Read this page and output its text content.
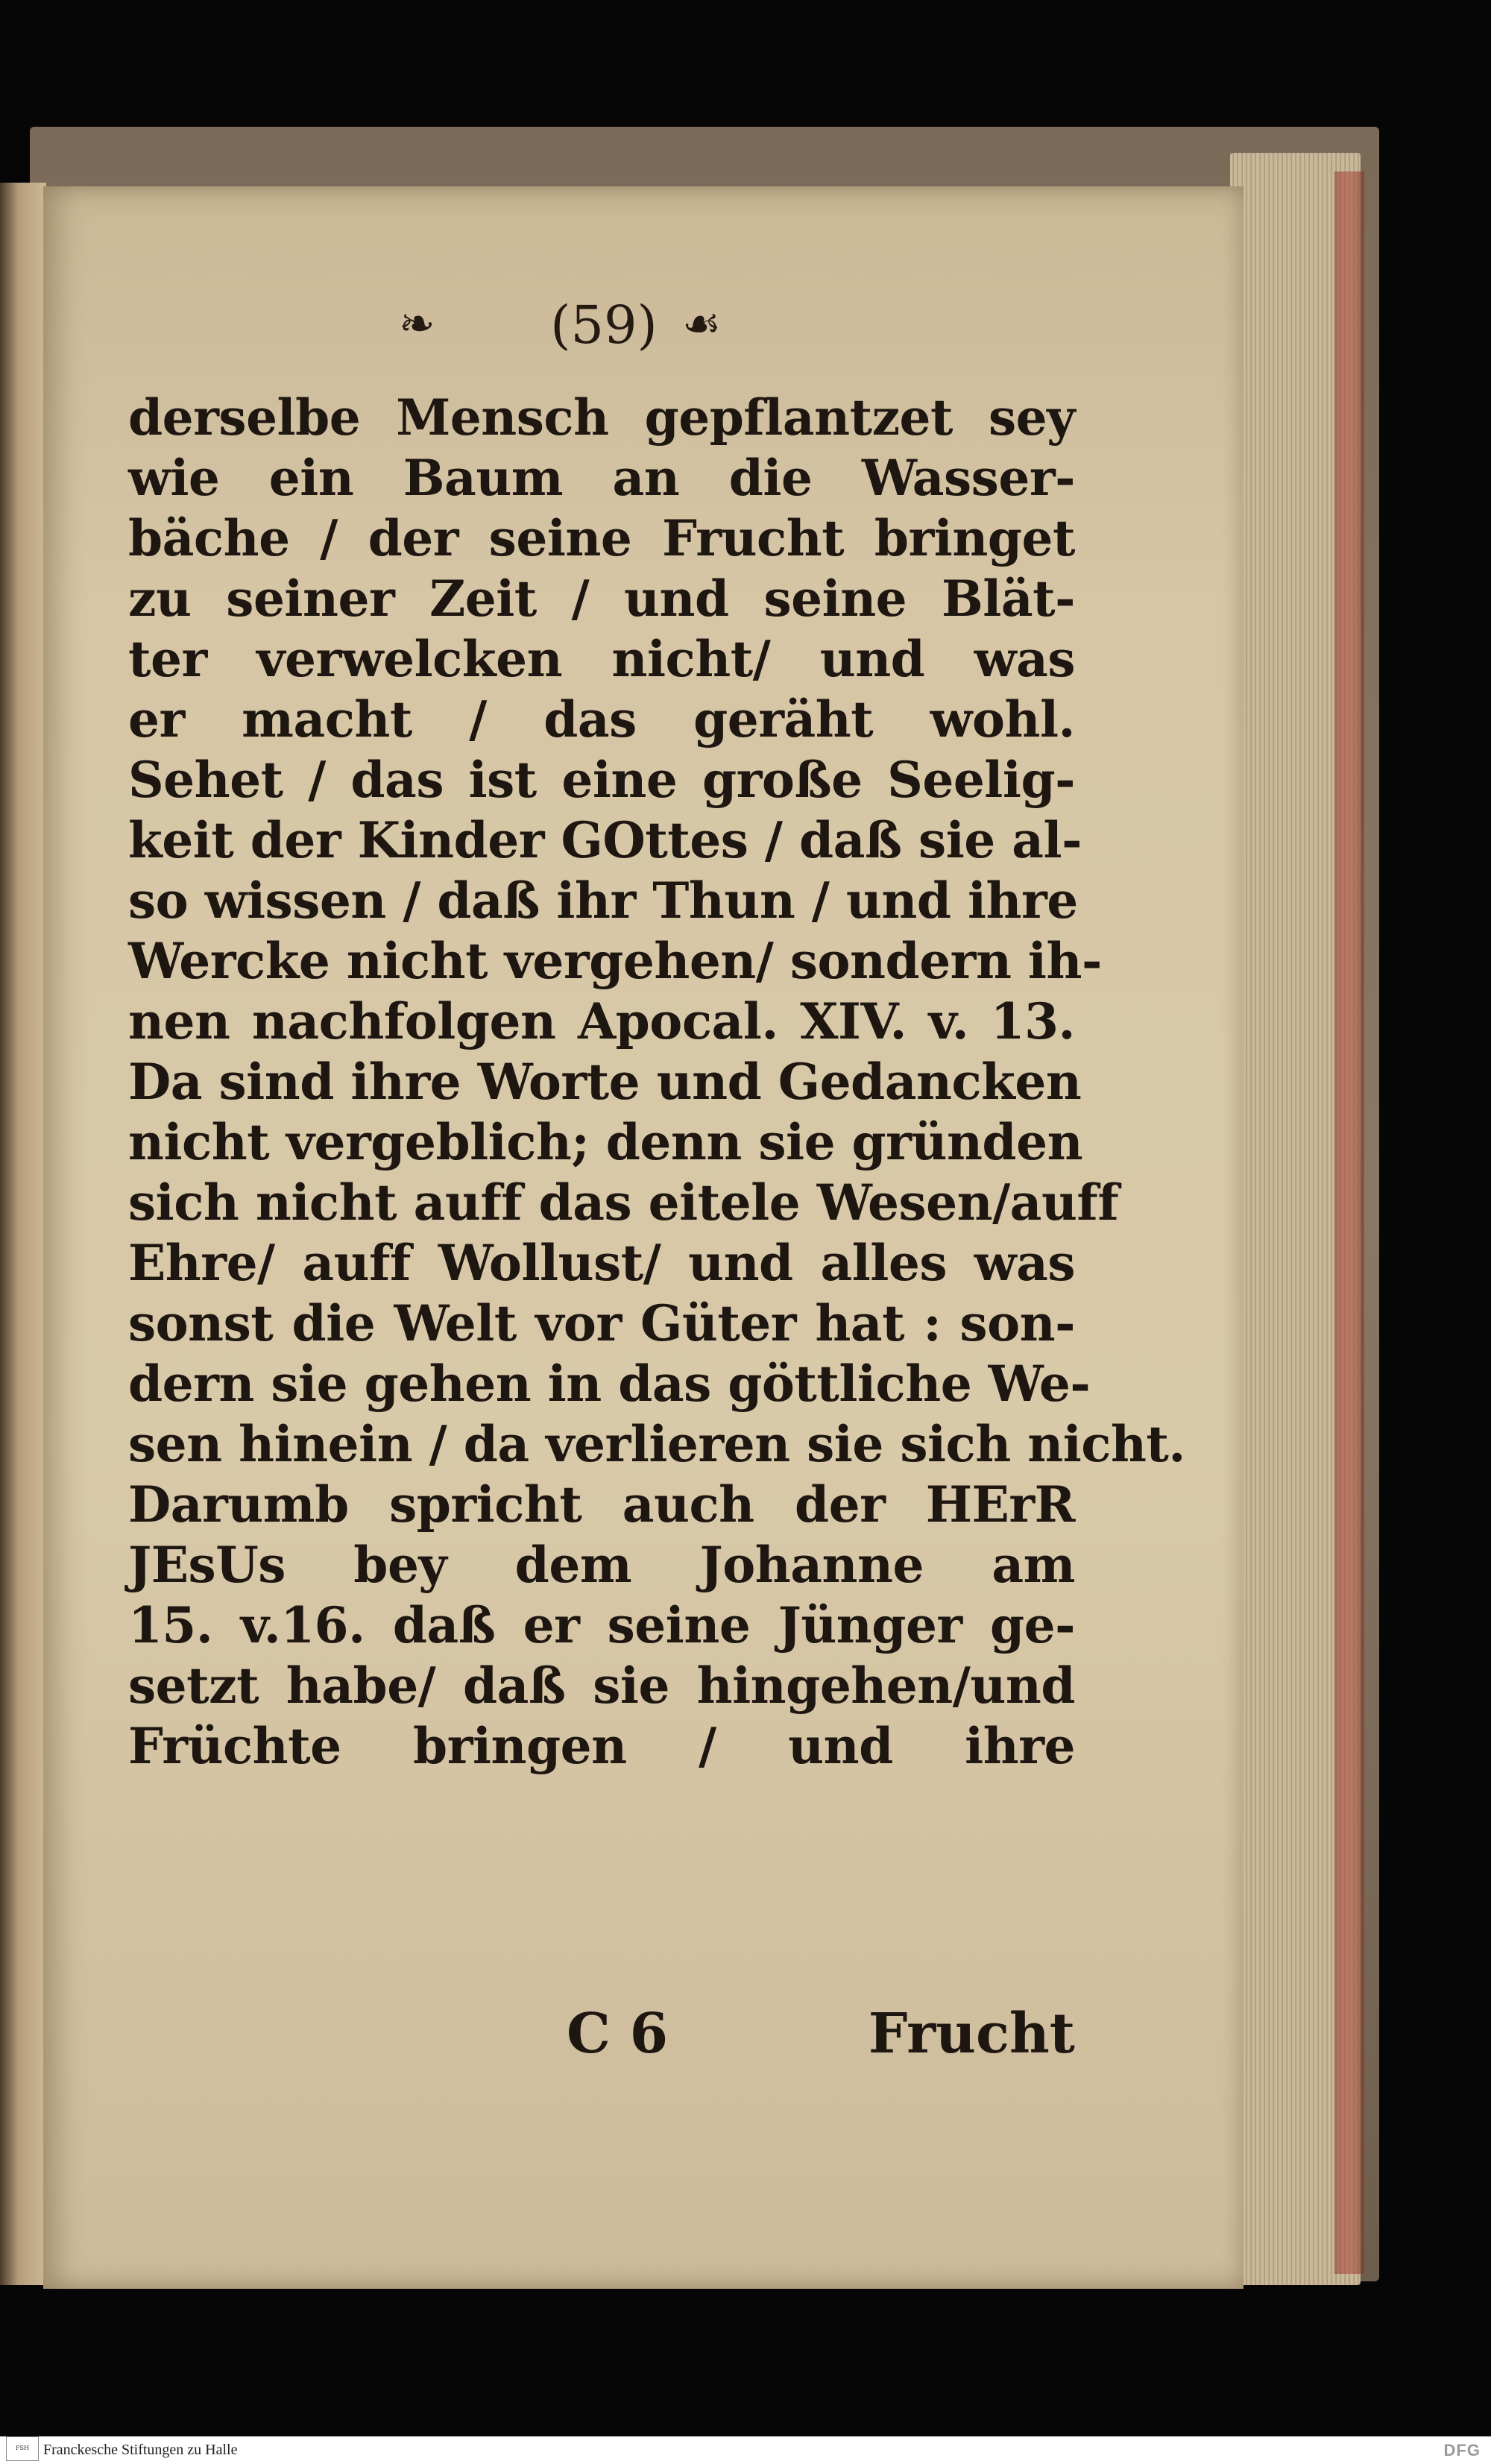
❧	(59) ☙
derselbe Mensch gepflantzet sey
wie ein Baum an die Wasser-
bäche / der seine Frucht bringet
zu seiner Zeit / und seine Blät-
ter verwelcken nicht/ und was
er macht / das geräht wohl.
Sehet / das ist eine große Seelig-
keit der Kinder GOttes / daß sie al-
so wissen / daß ihr Thun / und ihre
Wercke nicht vergehen/ sondern ih-
nen nachfolgen Apocal. XIV. v. 13.
Da sind ihre Worte und Gedancken
nicht vergeblich; denn sie gründen
sich nicht auff das eitele Wesen/auff
Ehre/ auff Wollust/ und alles was
sonst die Welt vor Güter hat : son-
dern sie gehen in das göttliche We-
sen hinein / da verlieren sie sich nicht.
Darumb spricht auch der HErR
JEsUs bey dem Johanne am
15. v.16. daß er seine Jünger ge-
setzt habe/ daß sie hingehen/und
Früchte bringen / und ihre
C 6	Frucht
FSH Franckesche Stiftungen zu Halle	DFG
